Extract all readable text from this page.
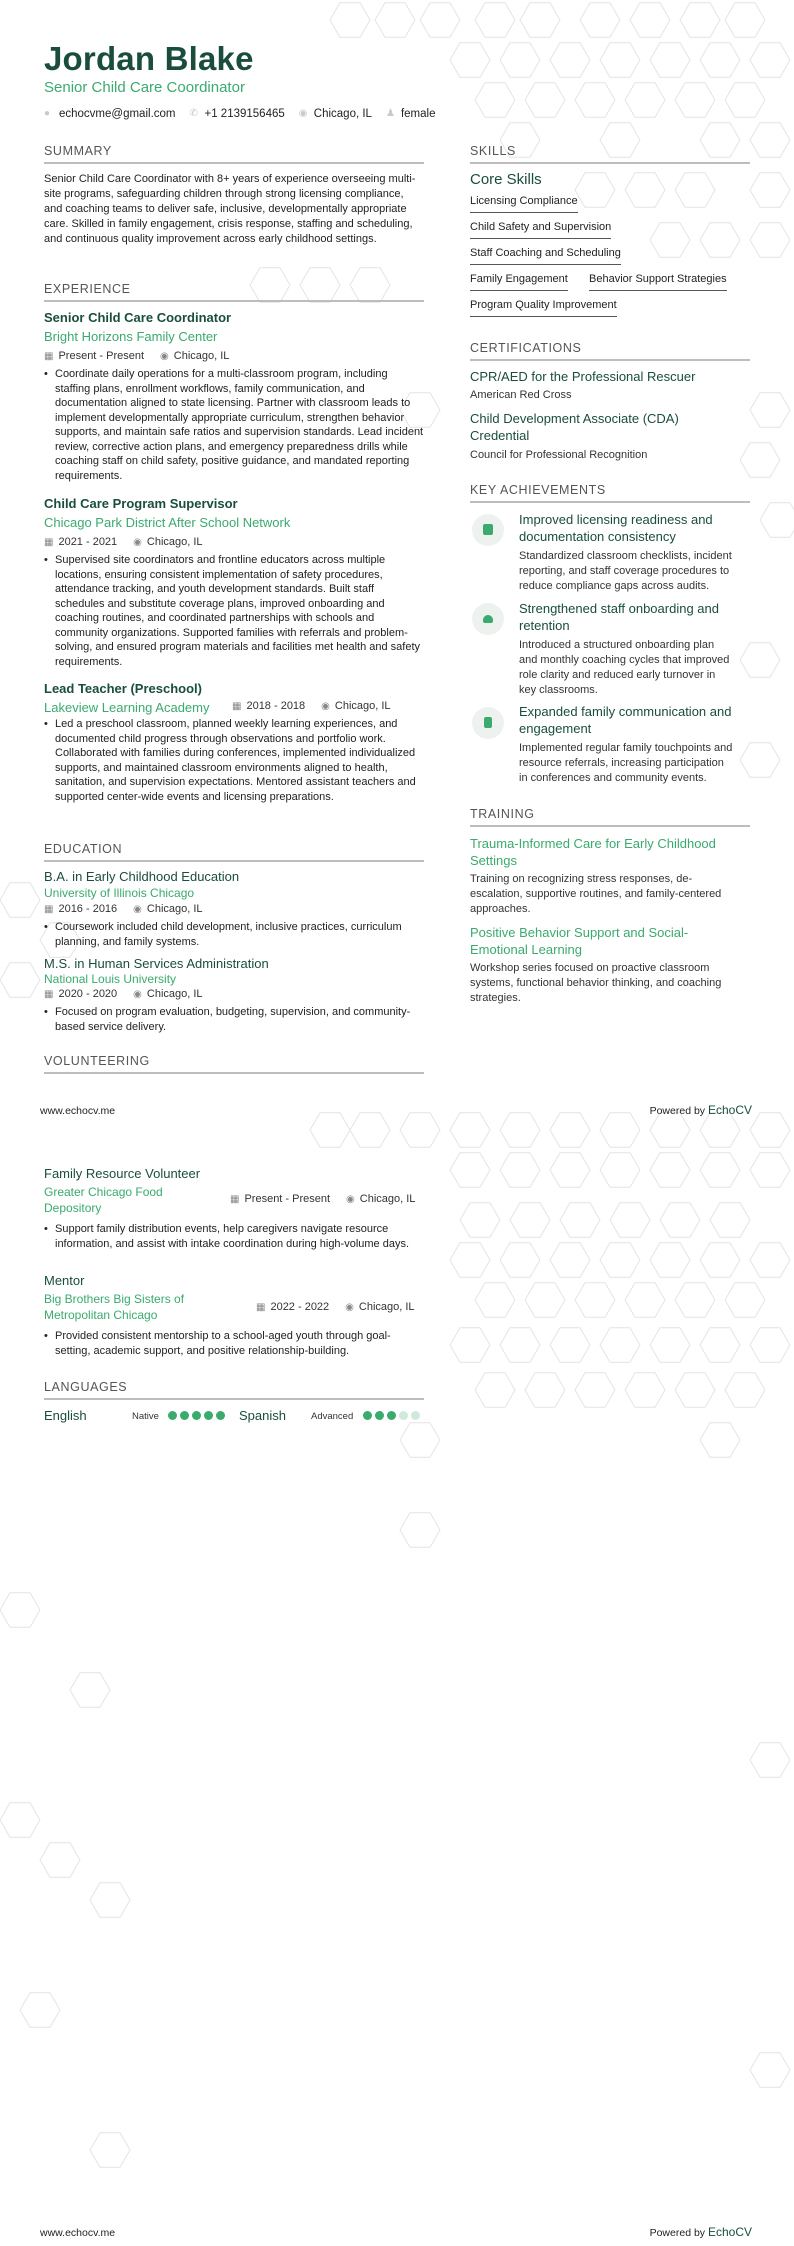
Jordan Blake
Senior Child Care Coordinator
● echocvme@gmail.com ✆ +1 2139156465 ◉ Chicago, IL ♟ female
SUMMARY
Senior Child Care Coordinator with 8+ years of experience overseeing multi-site programs, safeguarding children through strong licensing compliance, and coaching teams to deliver safe, inclusive, developmentally appropriate care. Skilled in family engagement, crisis response, staffing and scheduling, and continuous quality improvement across early childhood settings.
EXPERIENCE
Senior Child Care Coordinator
Bright Horizons Family Center
▦ Present - Present ◉ Chicago, IL
• Coordinate daily operations for a multi-classroom program, including staffing plans, enrollment workflows, family communication, and documentation aligned to state licensing. Partner with classroom leads to implement developmentally appropriate curriculum, strengthen behavior supports, and maintain safe ratios and supervision standards. Lead incident review, corrective action plans, and emergency preparedness drills while coaching staff on child safety, positive guidance, and mandated reporting requirements.
Child Care Program Supervisor
Chicago Park District After School Network
▦ 2021 - 2021 ◉ Chicago, IL
• Supervised site coordinators and frontline educators across multiple locations, ensuring consistent implementation of safety procedures, attendance tracking, and youth development standards. Built staff schedules and substitute coverage plans, improved onboarding and coaching routines, and coordinated partnerships with schools and community organizations. Supported families with referrals and problem-solving, and ensured program materials and facilities met health and safety requirements.
Lead Teacher (Preschool)
Lakeview Learning Academy ▦ 2018 - 2018 ◉ Chicago, IL
• Led a preschool classroom, planned weekly learning experiences, and documented child progress through observations and portfolio work. Collaborated with families during conferences, implemented individualized supports, and maintained classroom environments aligned to health, sanitation, and supervision expectations. Mentored assistant teachers and supported center-wide events and licensing preparations.
EDUCATION
B.A. in Early Childhood Education
University of Illinois Chicago
▦ 2016 - 2016 ◉ Chicago, IL
• Coursework included child development, inclusive practices, curriculum planning, and family systems.
M.S. in Human Services Administration
National Louis University
▦ 2020 - 2020 ◉ Chicago, IL
• Focused on program evaluation, budgeting, supervision, and community-based service delivery.
VOLUNTEERING
www.echocv.me	Powered by EchoCV
SKILLS
Core Skills
Licensing Compliance
Child Safety and Supervision
Staff Coaching and Scheduling
Family Engagement Behavior Support Strategies
Program Quality Improvement
CERTIFICATIONS
CPR/AED for the Professional Rescuer
American Red Cross
Child Development Associate (CDA)
Credential
Council for Professional Recognition
KEY ACHIEVEMENTS
Improved licensing readiness and
documentation consistency
Standardized classroom checklists, incident
reporting, and staff coverage procedures to
reduce compliance gaps across audits.
Strengthened staff onboarding and
retention
Introduced a structured onboarding plan
and monthly coaching cycles that improved
role clarity and reduced early turnover in
key classrooms.
Expanded family communication and
engagement
Implemented regular family touchpoints and
resource referrals, increasing participation
in conferences and community events.
TRAINING
Trauma-Informed Care for Early Childhood
Settings
Training on recognizing stress responses, de-
escalation, supportive routines, and family-centered
approaches.
Positive Behavior Support and Social-
Emotional Learning
Workshop series focused on proactive classroom
systems, functional behavior thinking, and coaching
strategies.
Family Resource Volunteer
Greater Chicago Food
Depository
▦ Present - Present ◉ Chicago, IL
• Support family distribution events, help caregivers navigate resource information, and assist with intake coordination during high-volume days.
Mentor
Big Brothers Big Sisters of
Metropolitan Chicago
▦ 2022 - 2022 ◉ Chicago, IL
• Provided consistent mentorship to a school-aged youth through goal-setting, academic support, and positive relationship-building.
LANGUAGES
English	Native	Spanish	Advanced
www.echocv.me	Powered by EchoCV
